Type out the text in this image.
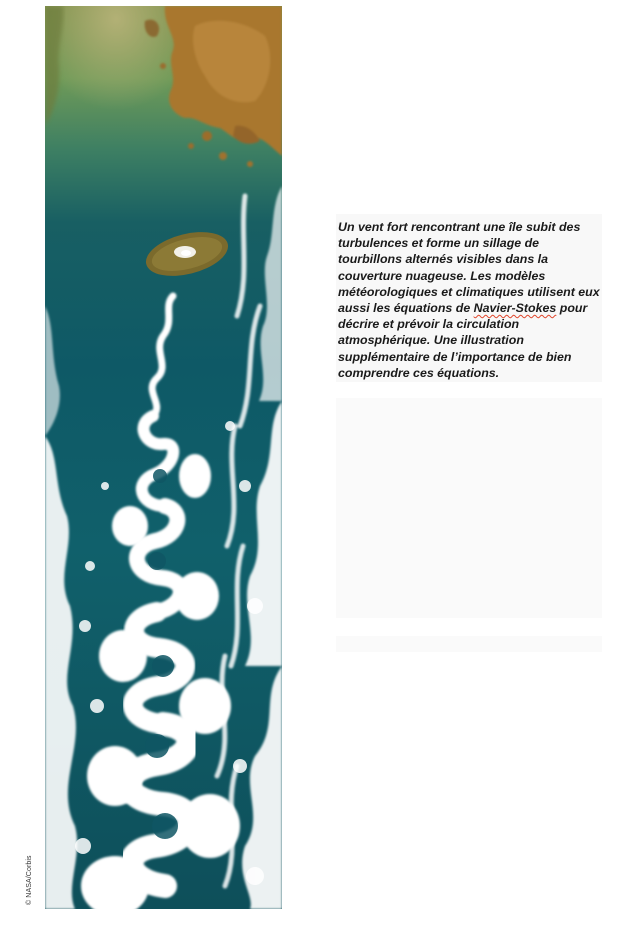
© NASA/Corbis

Un vent fort rencontrant une île subit des turbulences et forme un sillage de tourbillons alternés visibles dans la couverture nuageuse. Les modèles météorologiques et climatiques utilisent eux aussi les équations de Navier-Stokes pour décrire et prévoir la circulation atmosphérique. Une illustration supplémentaire de l’importance de bien comprendre ces équations.
